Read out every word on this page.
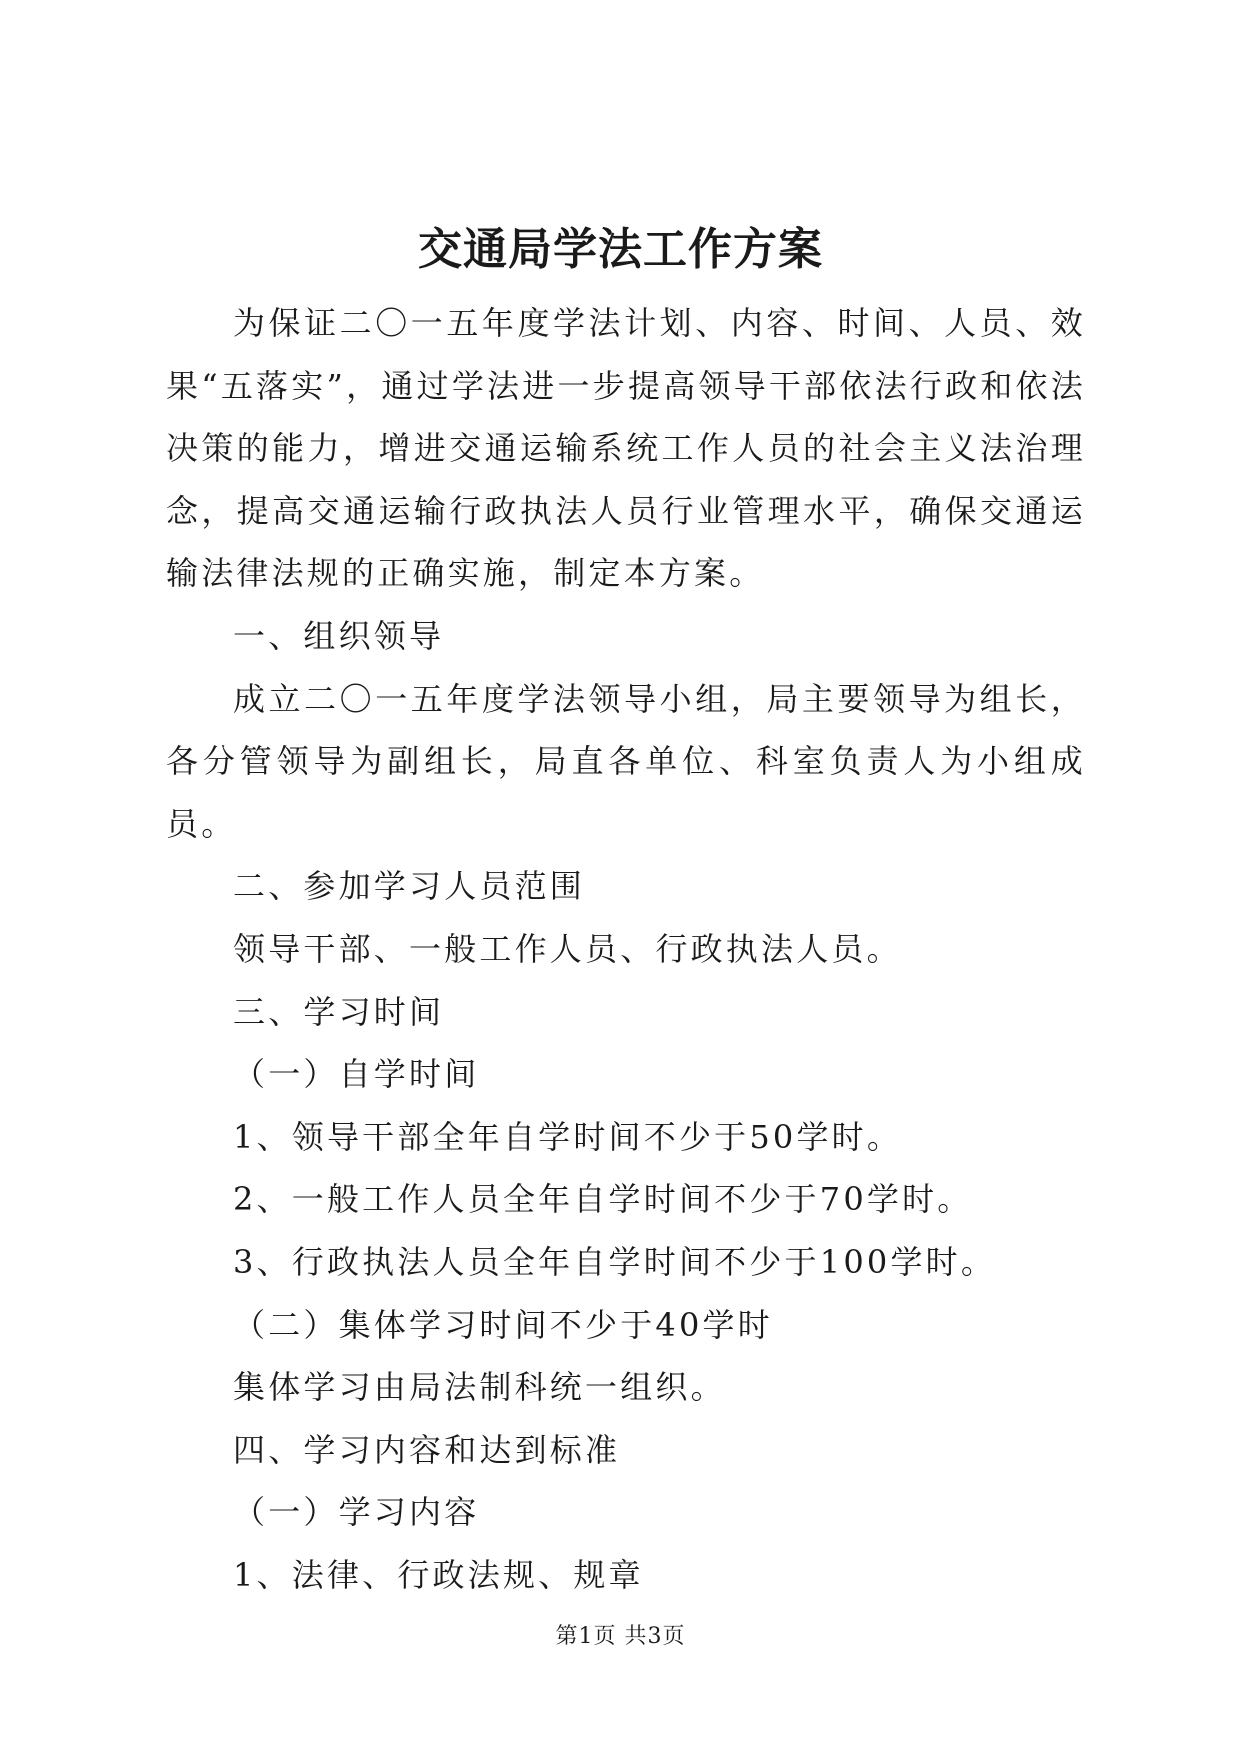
交通局学法工作方案

为保证二〇一五年度学法计划、内容、时间、人员、效果“五落实”，通过学法进一步提高领导干部依法行政和依法决策的能力，增进交通运输系统工作人员的社会主义法治理念，提高交通运输行政执法人员行业管理水平，确保交通运输法律法规的正确实施，制定本方案。

一、组织领导

成立二〇一五年度学法领导小组，局主要领导为组长，各分管领导为副组长，局直各单位、科室负责人为小组成员。

二、参加学习人员范围

领导干部、一般工作人员、行政执法人员。

三、学习时间

（一）自学时间

1、领导干部全年自学时间不少于50学时。

2、一般工作人员全年自学时间不少于70学时。

3、行政执法人员全年自学时间不少于100学时。

（二）集体学习时间不少于40学时

集体学习由局法制科统一组织。

四、学习内容和达到标准

（一）学习内容

1、法律、行政法规、规章

第1页 共3页
